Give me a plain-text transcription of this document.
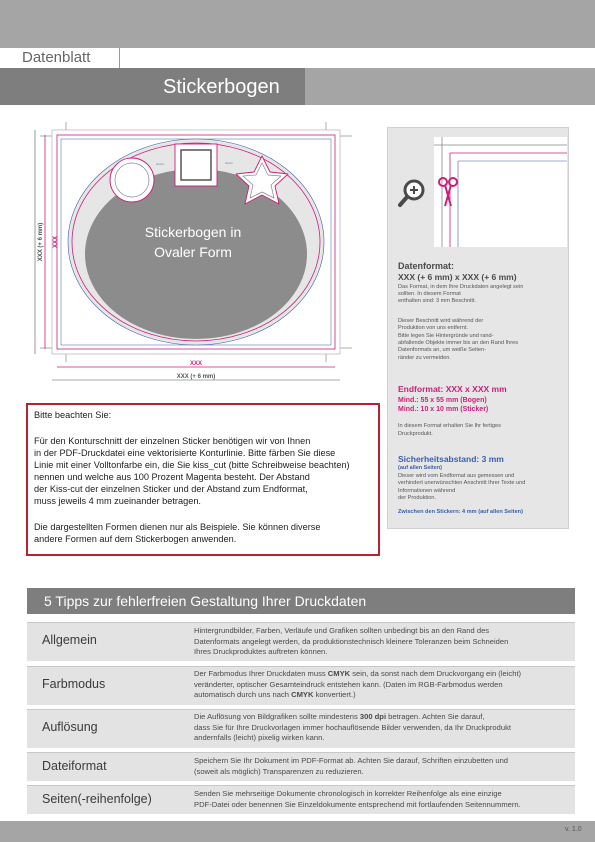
Datenblatt
Stickerbogen
4 mm	4 mm
Stickerbogen in
Ovaler Form
XXX
XXX (+ 6 mm)
XXX
XXX (+ 6 mm)
Datenformat:
XXX (+ 6 mm) x XXX (+ 6 mm)
Das Format, in dem Ihre Druckdaten angelegt sein
sollten. In diesem Format
enthalten sind: 3 mm Beschnitt.
Dieser Beschnitt wird während der
Produktion von uns entfernt.
Bitte legen Sie Hintergründe und rand-
abfallende Objekte immer bis an den Rand Ihres
Datenformats an, um weiße Seiten-
ränder zu vermeiden.
Endformat: XXX x XXX mm
Mind.: 55 x 55 mm (Bogen)
Mind.: 10 x 10 mm (Sticker)
In diesem Format erhalten Sie Ihr fertiges
Druckprodukt.
Sicherheitsabstand: 3 mm
(auf allen Seiten)
Dieser wird vom Endformat aus gemessen und
verhindert unerwünschten Anschnitt Ihrer Texte und
Informationen während
der Produktion.
Zwischen den Stickern: 4 mm (auf allen Seiten)
Bitte beachten Sie:
Für den Konturschnitt der einzelnen Sticker benötigen wir von Ihnen
in der PDF-Druckdatei eine vektorisierte Konturlinie. Bitte färben Sie diese
Linie mit einer Volltonfarbe ein, die Sie kiss_cut (bitte Schreibweise beachten)
nennen und welche aus 100 Prozent Magenta besteht. Der Abstand
der Kiss-cut der einzelnen Sticker und der Abstand zum Endformat,
muss jeweils 4 mm zueinander betragen.
Die dargestellten Formen dienen nur als Beispiele. Sie können diverse
andere Formen auf dem Stickerbogen anwenden.
5 Tipps zur fehlerfreien Gestaltung Ihrer Druckdaten
Allgemein
Hintergrundbilder, Farben, Verläufe und Grafiken sollten unbedingt bis an den Rand des
Datenformats angelegt werden, da produktionstechnisch kleinere Toleranzen beim Schneiden
Ihres Druckproduktes auftreten können.
Farbmodus
Der Farbmodus Ihrer Druckdaten muss CMYK sein, da sonst nach dem Druckvorgang ein (leicht)
veränderter, optischer Gesamteindruck entstehen kann. (Daten im RGB-Farbmodus werden
automatisch durch uns nach CMYK konvertiert.)
Auflösung
Die Auflösung von Bildgrafiken sollte mindestens 300 dpi betragen. Achten Sie darauf,
dass Sie für Ihre Druckvorlagen immer hochauflösende Bilder verwenden, da Ihr Druckprodukt
andernfalls (leicht) pixelig wirken kann.
Dateiformat	Speichern Sie Ihr Dokument im PDF-Format ab. Achten Sie darauf, Schriften einzubetten und
(soweit als möglich) Transparenzen zu reduzieren.
Seiten(-reihenfolge)	Senden Sie mehrseitige Dokumente chronologisch in korrekter Reihenfolge als eine einzige
PDF-Datei oder benennen Sie Einzeldokumente entsprechend mit fortlaufenden Seitennummern.
v. 1.0
